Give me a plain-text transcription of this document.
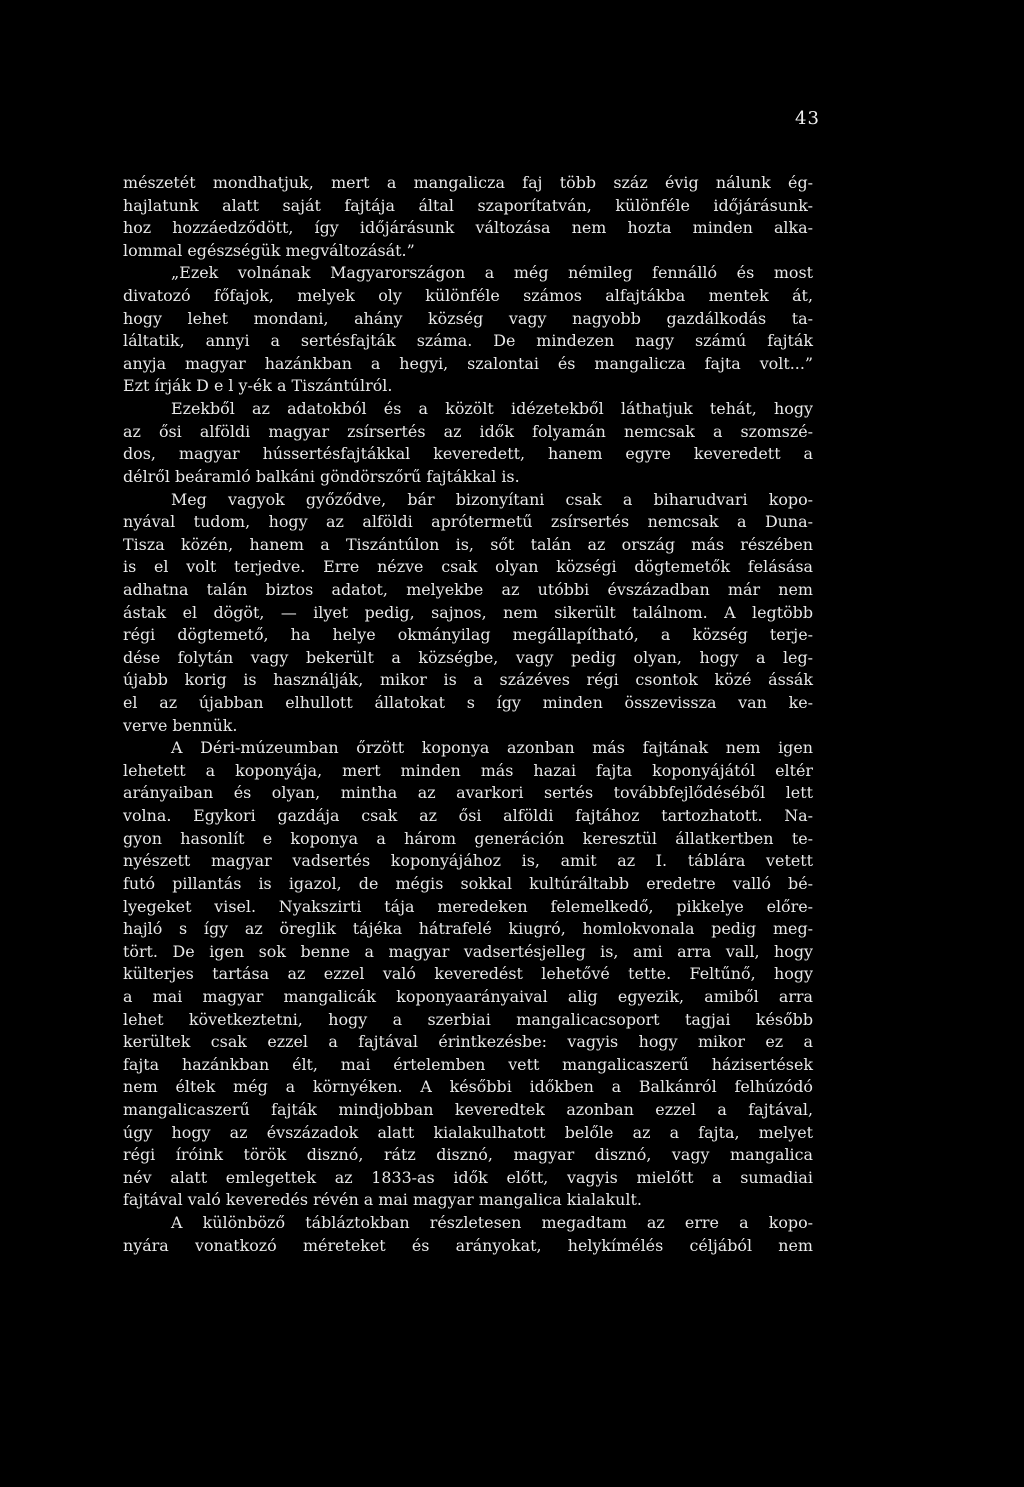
43
mészetét mondhatjuk, mert a mangalicza faj több száz évig nálunk ég-
hajlatunk alatt saját fajtája által szaporítatván, különféle időjárásunk-
hoz hozzáedződött, így időjárásunk változása nem hozta minden alka-
lommal egészségük megváltozását.”
„Ezek volnának Magyarországon a még némileg fennálló és most
divatozó főfajok, melyek oly különféle számos alfajtákba mentek át,
hogy lehet mondani, ahány község vagy nagyobb gazdálkodás ta-
láltatik, annyi a sertésfajták száma. De mindezen nagy számú fajták
anyja magyar hazánkban a hegyi, szalontai és mangalicza fajta volt...”
Ezt írják D e l y-ék a Tiszántúlról.
Ezekből az adatokból és a közölt idézetekből láthatjuk tehát, hogy
az ősi alföldi magyar zsírsertés az idők folyamán nemcsak a szomszé-
dos, magyar hússertésfajtákkal keveredett, hanem egyre keveredett a
délről beáramló balkáni göndörszőrű fajtákkal is.
Meg vagyok győződve, bár bizonyítani csak a biharudvari kopo-
nyával tudom, hogy az alföldi aprótermetű zsírsertés nemcsak a Duna-
Tisza közén, hanem a Tiszántúlon is, sőt talán az ország más részében
is el volt terjedve. Erre nézve csak olyan községi dögtemetők felásása
adhatna talán biztos adatot, melyekbe az utóbbi évszázadban már nem
ástak el dögöt, — ilyet pedig, sajnos, nem sikerült találnom. A legtöbb
régi dögtemető, ha helye okmányilag megállapítható, a község terje-
dése folytán vagy bekerült a községbe, vagy pedig olyan, hogy a leg-
újabb korig is használják, mikor is a százéves régi csontok közé ássák
el az újabban elhullott állatokat s így minden összevissza van ke-
verve bennük.
A Déri-múzeumban őrzött koponya azonban más fajtának nem igen
lehetett a koponyája, mert minden más hazai fajta koponyájától eltér
arányaiban és olyan, mintha az avarkori sertés továbbfejlődéséből lett
volna. Egykori gazdája csak az ősi alföldi fajtához tartozhatott. Na-
gyon hasonlít e koponya a három generáción keresztül állatkertben te-
nyészett magyar vadsertés koponyájához is, amit az I. táblára vetett
futó pillantás is igazol, de mégis sokkal kultúráltabb eredetre valló bé-
lyegeket visel. Nyakszirti tája meredeken felemelkedő, pikkelye előre-
hajló s így az öreglik tájéka hátrafelé kiugró, homlokvonala pedig meg-
tört. De igen sok benne a magyar vadsertésjelleg is, ami arra vall, hogy
külterjes tartása az ezzel való keveredést lehetővé tette. Feltűnő, hogy
a mai magyar mangalicák koponyaarányaival alig egyezik, amiből arra
lehet következtetni, hogy a szerbiai mangalicacsoport tagjai később
kerültek csak ezzel a fajtával érintkezésbe: vagyis hogy mikor ez a
fajta hazánkban élt, mai értelemben vett mangalicaszerű házisertések
nem éltek még a környéken. A későbbi időkben a Balkánról felhúzódó
mangalicaszerű fajták mindjobban keveredtek azonban ezzel a fajtával,
úgy hogy az évszázadok alatt kialakulhatott belőle az a fajta, melyet
régi íróink török disznó, rátz disznó, magyar disznó, vagy mangalica
név alatt emlegettek az 1833-as idők előtt, vagyis mielőtt a sumadiai
fajtával való keveredés révén a mai magyar mangalica kialakult.
A különböző tábláztokban részletesen megadtam az erre a kopo-
nyára vonatkozó méreteket és arányokat, helykímélés céljából nem
